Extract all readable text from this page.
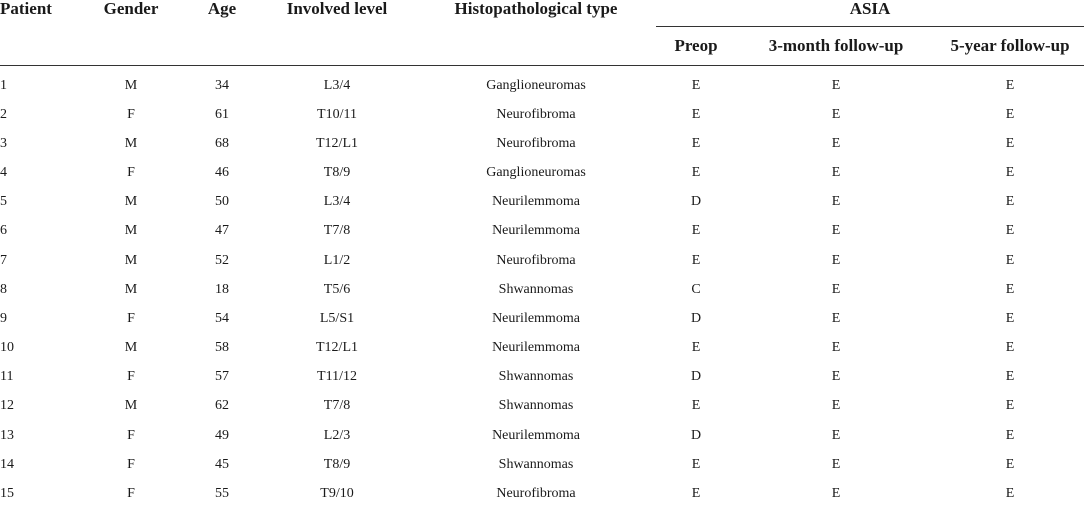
Patient	Gender	Age	Involved level	Histopathological type	ASIA		
					Preop	3-month follow-up	5-year follow-up
1	M	34	L3/4	Ganglioneuromas	E	E	E
2	F	61	T10/11	Neurofibroma	E	E	E
3	M	68	T12/L1	Neurofibroma	E	E	E
4	F	46	T8/9	Ganglioneuromas	E	E	E
5	M	50	L3/4	Neurilemmoma	D	E	E
6	M	47	T7/8	Neurilemmoma	E	E	E
7	M	52	L1/2	Neurofibroma	E	E	E
8	M	18	T5/6	Shwannomas	C	E	E
9	F	54	L5/S1	Neurilemmoma	D	E	E
10	M	58	T12/L1	Neurilemmoma	E	E	E
11	F	57	T11/12	Shwannomas	D	E	E
12	M	62	T7/8	Shwannomas	E	E	E
13	F	49	L2/3	Neurilemmoma	D	E	E
14	F	45	T8/9	Shwannomas	E	E	E
15	F	55	T9/10	Neurofibroma	E	E	E
